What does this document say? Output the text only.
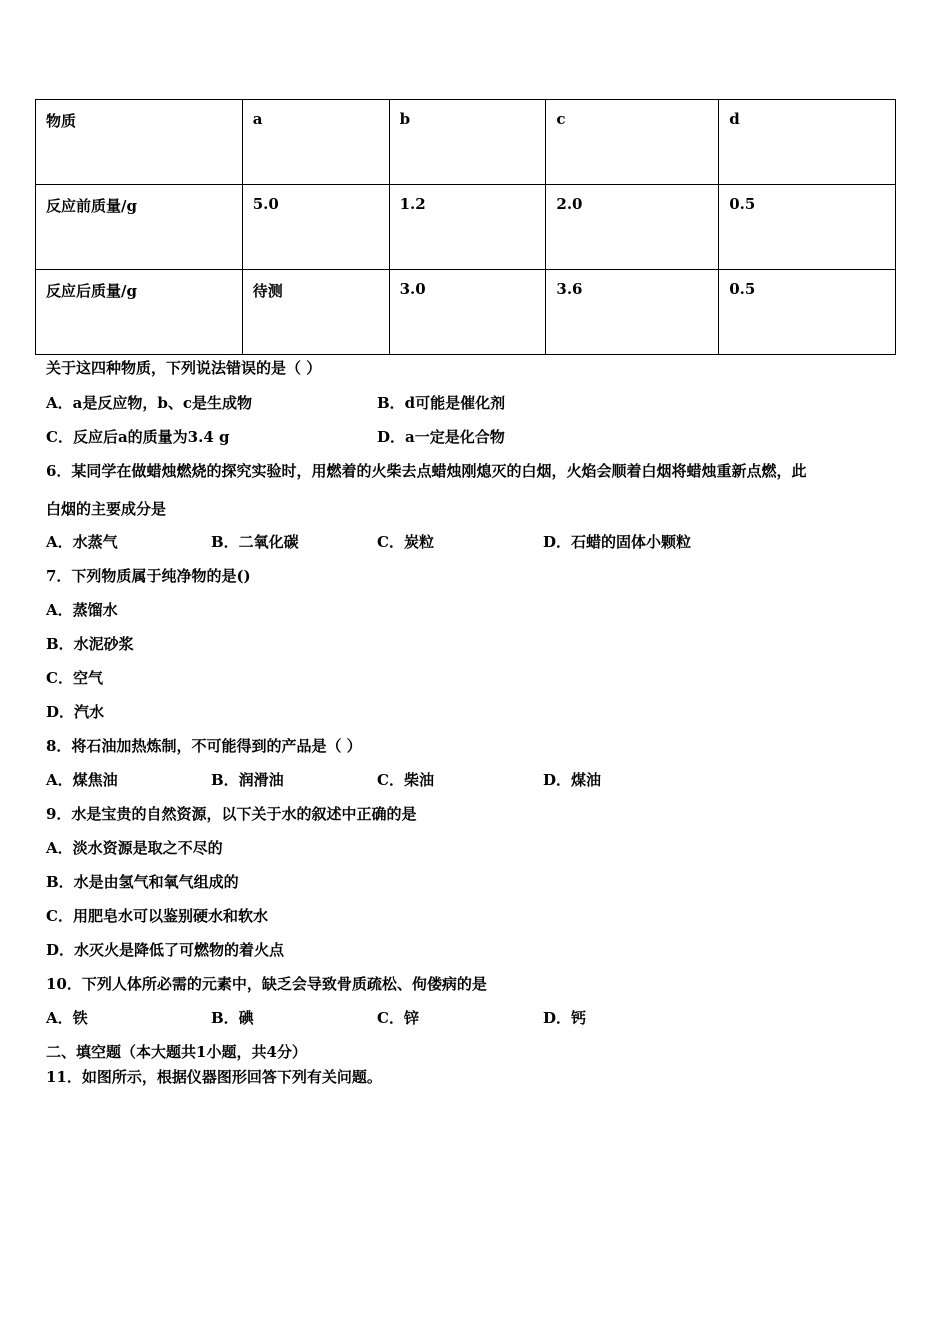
物质	a	b	c	d
反应前质量/g	5.0	1.2	2.0	0.5
反应后质量/g	待测	3.0	3.6	0.5
关于这四种物质，下列说法错误的是（ ）
A．a是反应物，b、c是生成物	B．d可能是催化剂
C．反应后a的质量为3.4 g	D．a一定是化合物
6．某同学在做蜡烛燃烧的探究实验时，用燃着的火柴去点蜡烛刚熄灭的白烟，火焰会顺着白烟将蜡烛重新点燃，此
白烟的主要成分是
A．水蒸气	B．二氧化碳	C．炭粒	D．石蜡的固体小颗粒
7．下列物质属于纯净物的是()
A．蒸馏水
B．水泥砂浆
C．空气
D．汽水
8．将石油加热炼制，不可能得到的产品是（ ）
A．煤焦油	B．润滑油	C．柴油	D．煤油
9．水是宝贵的自然资源，以下关于水的叙述中正确的是
A．淡水资源是取之不尽的
B．水是由氢气和氧气组成的
C．用肥皂水可以鉴别硬水和软水
D．水灭火是降低了可燃物的着火点
10．下列人体所必需的元素中，缺乏会导致骨质疏松、佝偻病的是
A．铁	B．碘	C．锌	D．钙
二、填空题（本大题共1小题，共4分）
11．如图所示，根据仪器图形回答下列有关问题。
